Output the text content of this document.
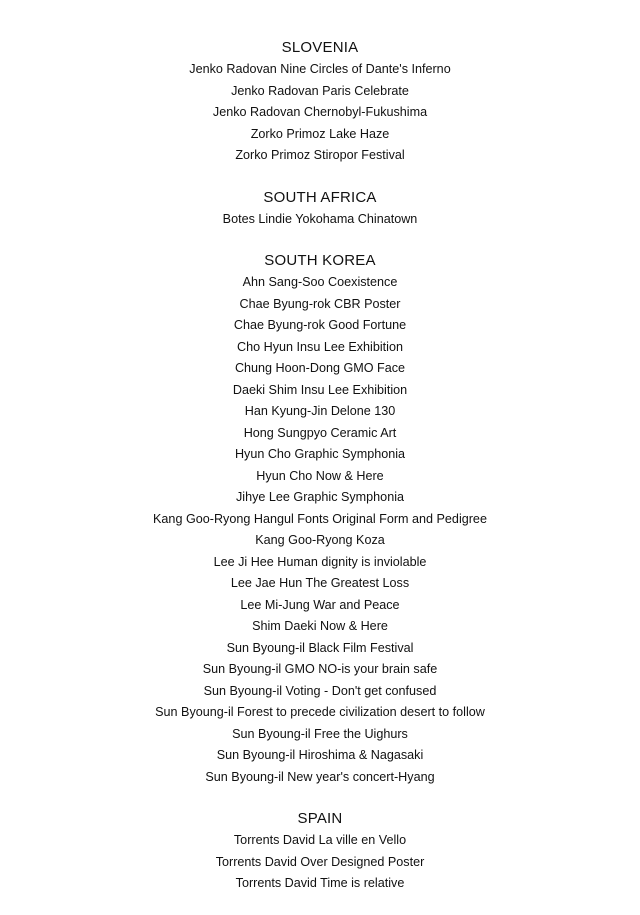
SLOVENIA
Jenko Radovan Nine Circles of Dante's Inferno
Jenko Radovan Paris Celebrate
Jenko Radovan Chernobyl-Fukushima
Zorko Primoz Lake Haze
Zorko Primoz Stiropor Festival
SOUTH AFRICA
Botes Lindie Yokohama Chinatown
SOUTH KOREA
Ahn Sang-Soo Coexistence
Chae Byung-rok CBR Poster
Chae Byung-rok Good Fortune
Cho Hyun Insu Lee Exhibition
Chung Hoon-Dong GMO Face
Daeki Shim Insu Lee Exhibition
Han Kyung-Jin Delone 130
Hong Sungpyo Ceramic Art
Hyun Cho Graphic Symphonia
Hyun Cho Now & Here
Jihye Lee Graphic Symphonia
Kang Goo-Ryong Hangul Fonts Original Form and Pedigree
Kang Goo-Ryong Koza
Lee Ji Hee Human dignity is inviolable
Lee Jae Hun The Greatest Loss
Lee Mi-Jung War and Peace
Shim Daeki Now & Here
Sun Byoung-il Black Film Festival
Sun Byoung-il GMO NO-is your brain safe
Sun Byoung-il Voting - Don't get confused
Sun Byoung-il Forest to precede civilization desert to follow
Sun Byoung-il Free the Uighurs
Sun Byoung-il Hiroshima & Nagasaki
Sun Byoung-il New year's concert-Hyang
SPAIN
Torrents David La ville en Vello
Torrents David Over Designed Poster
Torrents David Time is relative
